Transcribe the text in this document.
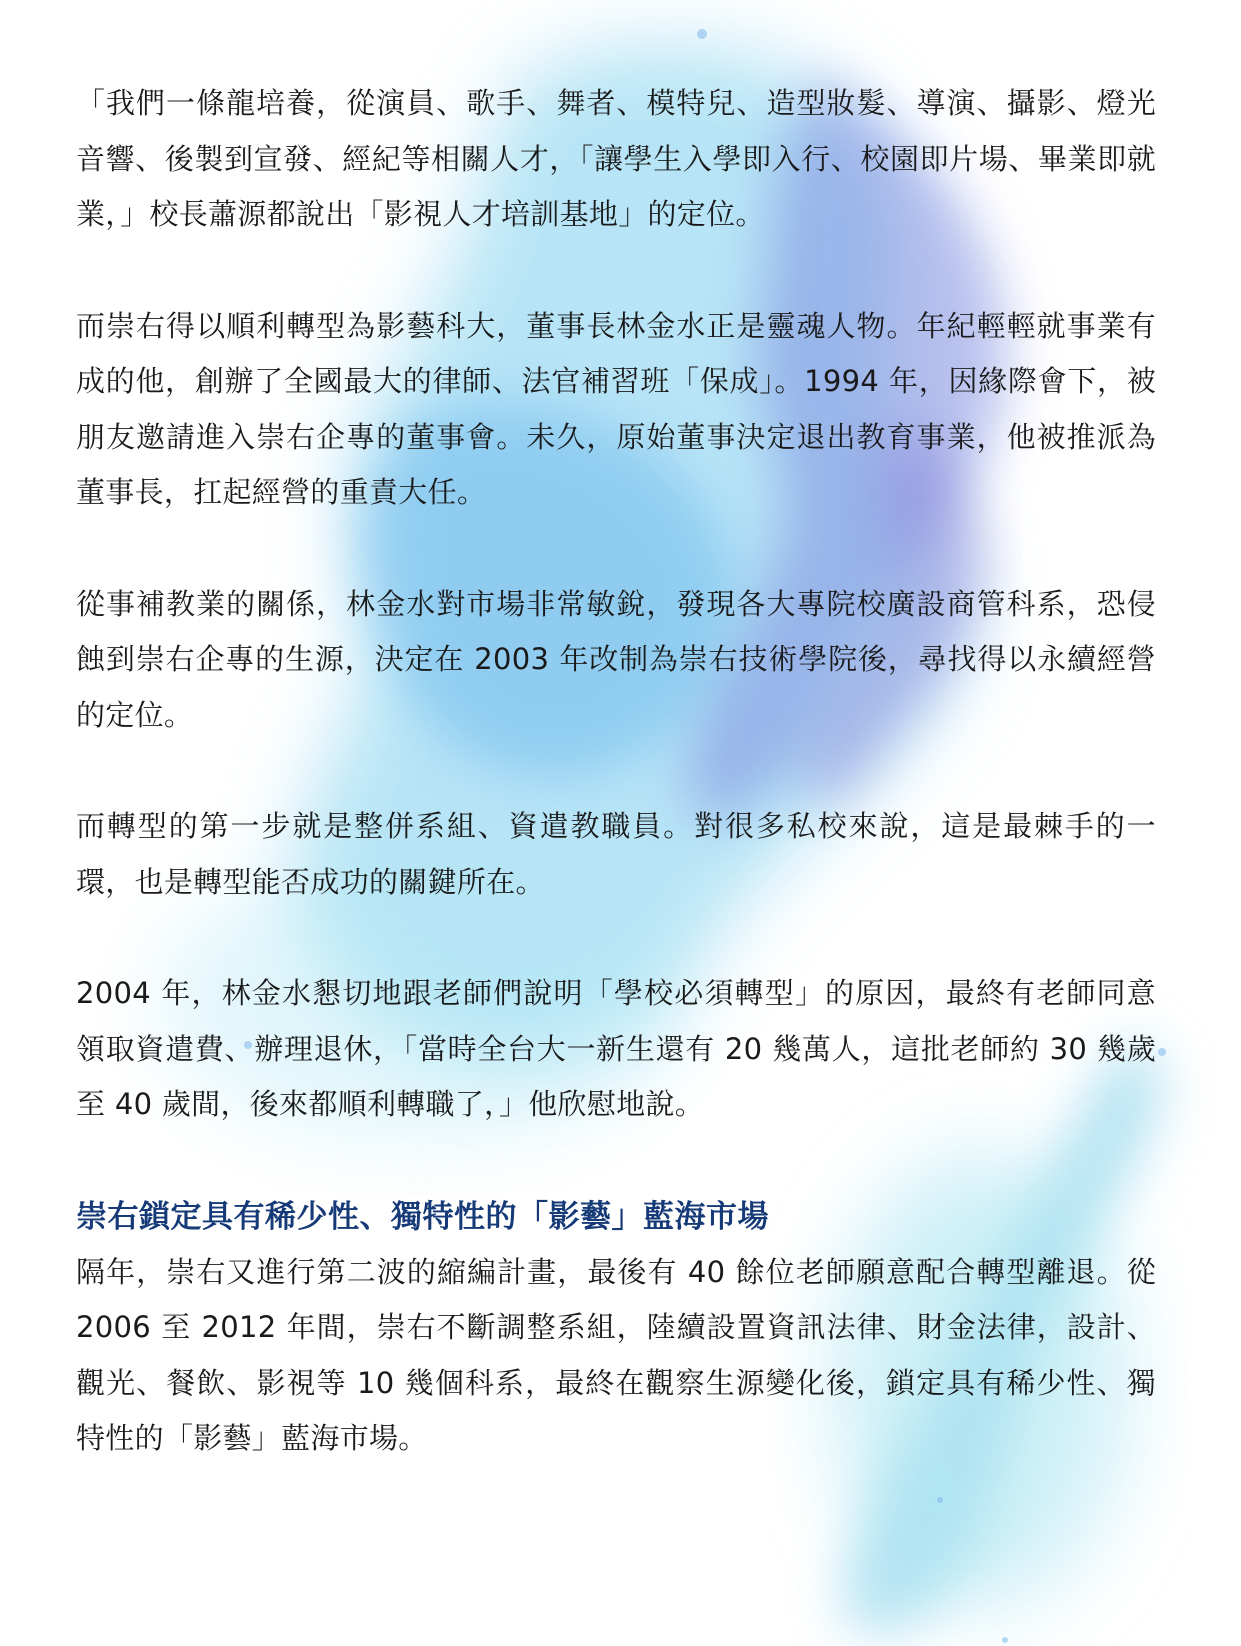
「我們一條龍培養，從演員、歌手、舞者、模特兒、造型妝髮、導演、攝影、燈光音響、後製到宣發、經紀等相關人才，「讓學生入學即入行、校園即片場、畢業即就業，」校長蕭源都說出「影視人才培訓基地」的定位。

而崇右得以順利轉型為影藝科大，董事長林金水正是靈魂人物。年紀輕輕就事業有成的他，創辦了全國最大的律師、法官補習班「保成」。1994 年，因緣際會下，被朋友邀請進入崇右企專的董事會。未久，原始董事決定退出教育事業，他被推派為董事長，扛起經營的重責大任。

從事補教業的關係，林金水對市場非常敏銳，發現各大專院校廣設商管科系，恐侵蝕到崇右企專的生源，決定在 2003 年改制為崇右技術學院後，尋找得以永續經營的定位。

而轉型的第一步就是整併系組、資遣教職員。對很多私校來說，這是最棘手的一環，也是轉型能否成功的關鍵所在。

2004 年，林金水懇切地跟老師們說明「學校必須轉型」的原因，最終有老師同意領取資遣費、辦理退休，「當時全台大一新生還有 20 幾萬人，這批老師約 30 幾歲至 40 歲間，後來都順利轉職了，」他欣慰地說。

崇右鎖定具有稀少性、獨特性的「影藝」藍海市場

隔年，崇右又進行第二波的縮編計畫，最後有 40 餘位老師願意配合轉型離退。從 2006 至 2012 年間，崇右不斷調整系組，陸續設置資訊法律、財金法律，設計、觀光、餐飲、影視等 10 幾個科系，最終在觀察生源變化後，鎖定具有稀少性、獨特性的「影藝」藍海市場。
